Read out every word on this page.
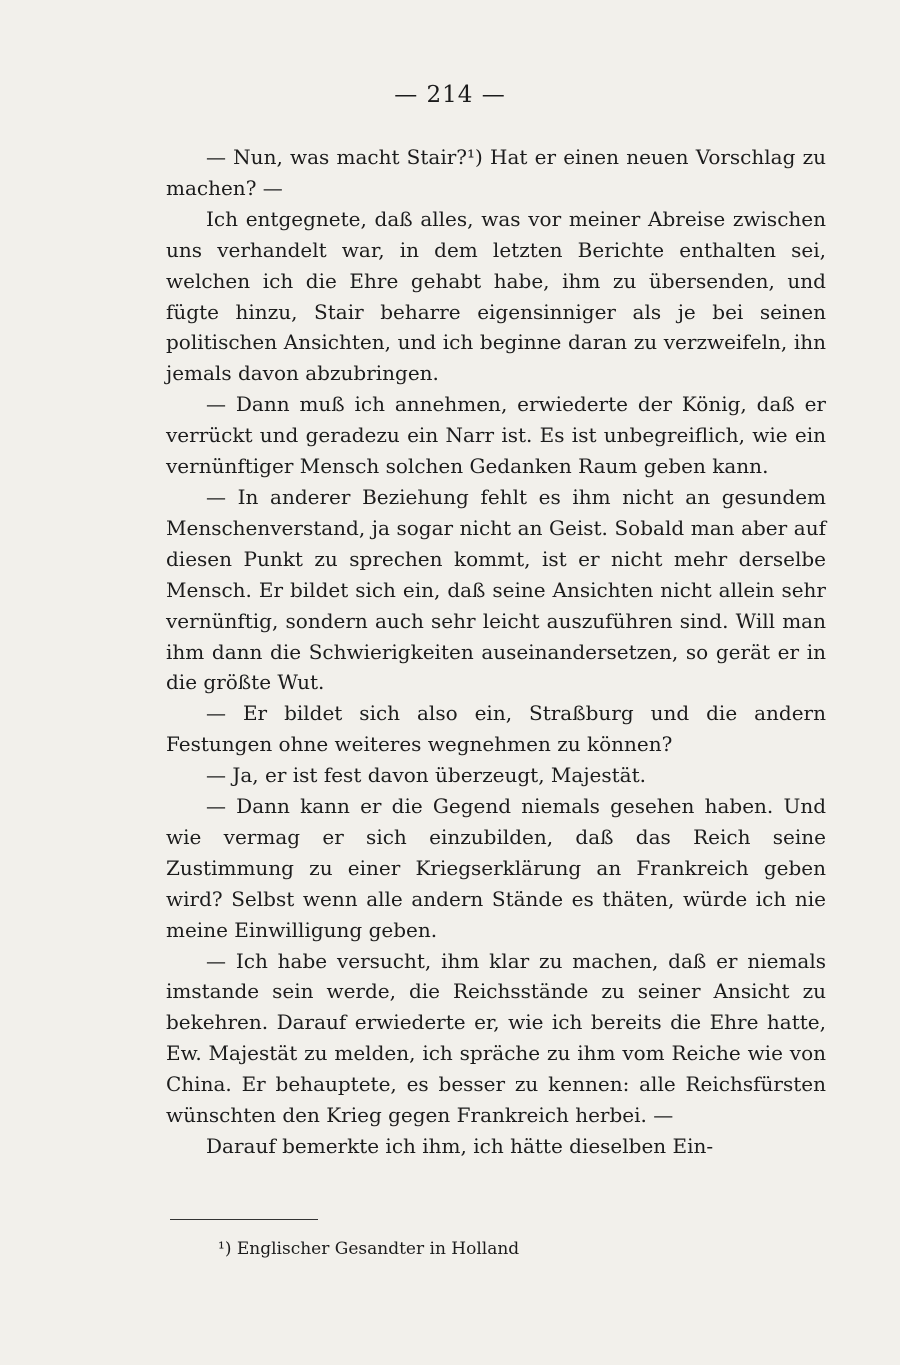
— 214 —

— Nun, was macht Stair?¹) Hat er einen neuen Vorschlag zu machen? —

Ich entgegnete, daß alles, was vor meiner Abreise zwischen uns verhandelt war, in dem letzten Berichte enthalten sei, welchen ich die Ehre gehabt habe, ihm zu übersenden, und fügte hinzu, Stair beharre eigensinniger als je bei seinen politischen Ansichten, und ich beginne daran zu verzweifeln, ihn jemals davon abzubringen.

— Dann muß ich annehmen, erwiederte der König, daß er verrückt und geradezu ein Narr ist. Es ist unbegreiflich, wie ein vernünftiger Mensch solchen Gedanken Raum geben kann.

— In anderer Beziehung fehlt es ihm nicht an gesundem Menschenverstand, ja sogar nicht an Geist. Sobald man aber auf diesen Punkt zu sprechen kommt, ist er nicht mehr derselbe Mensch. Er bildet sich ein, daß seine Ansichten nicht allein sehr vernünftig, sondern auch sehr leicht auszuführen sind. Will man ihm dann die Schwierigkeiten auseinandersetzen, so gerät er in die größte Wut.

— Er bildet sich also ein, Straßburg und die andern Festungen ohne weiteres wegnehmen zu können?

— Ja, er ist fest davon überzeugt, Majestät.

— Dann kann er die Gegend niemals gesehen haben. Und wie vermag er sich einzubilden, daß das Reich seine Zustimmung zu einer Kriegserklärung an Frankreich geben wird? Selbst wenn alle andern Stände es thäten, würde ich nie meine Einwilligung geben.

— Ich habe versucht, ihm klar zu machen, daß er niemals imstande sein werde, die Reichsstände zu seiner Ansicht zu bekehren. Darauf erwiederte er, wie ich bereits die Ehre hatte, Ew. Majestät zu melden, ich spräche zu ihm vom Reiche wie von China. Er behauptete, es besser zu kennen: alle Reichsfürsten wünschten den Krieg gegen Frankreich herbei. —

Darauf bemerkte ich ihm, ich hätte dieselben Ein-

¹) Englischer Gesandter in Holland
